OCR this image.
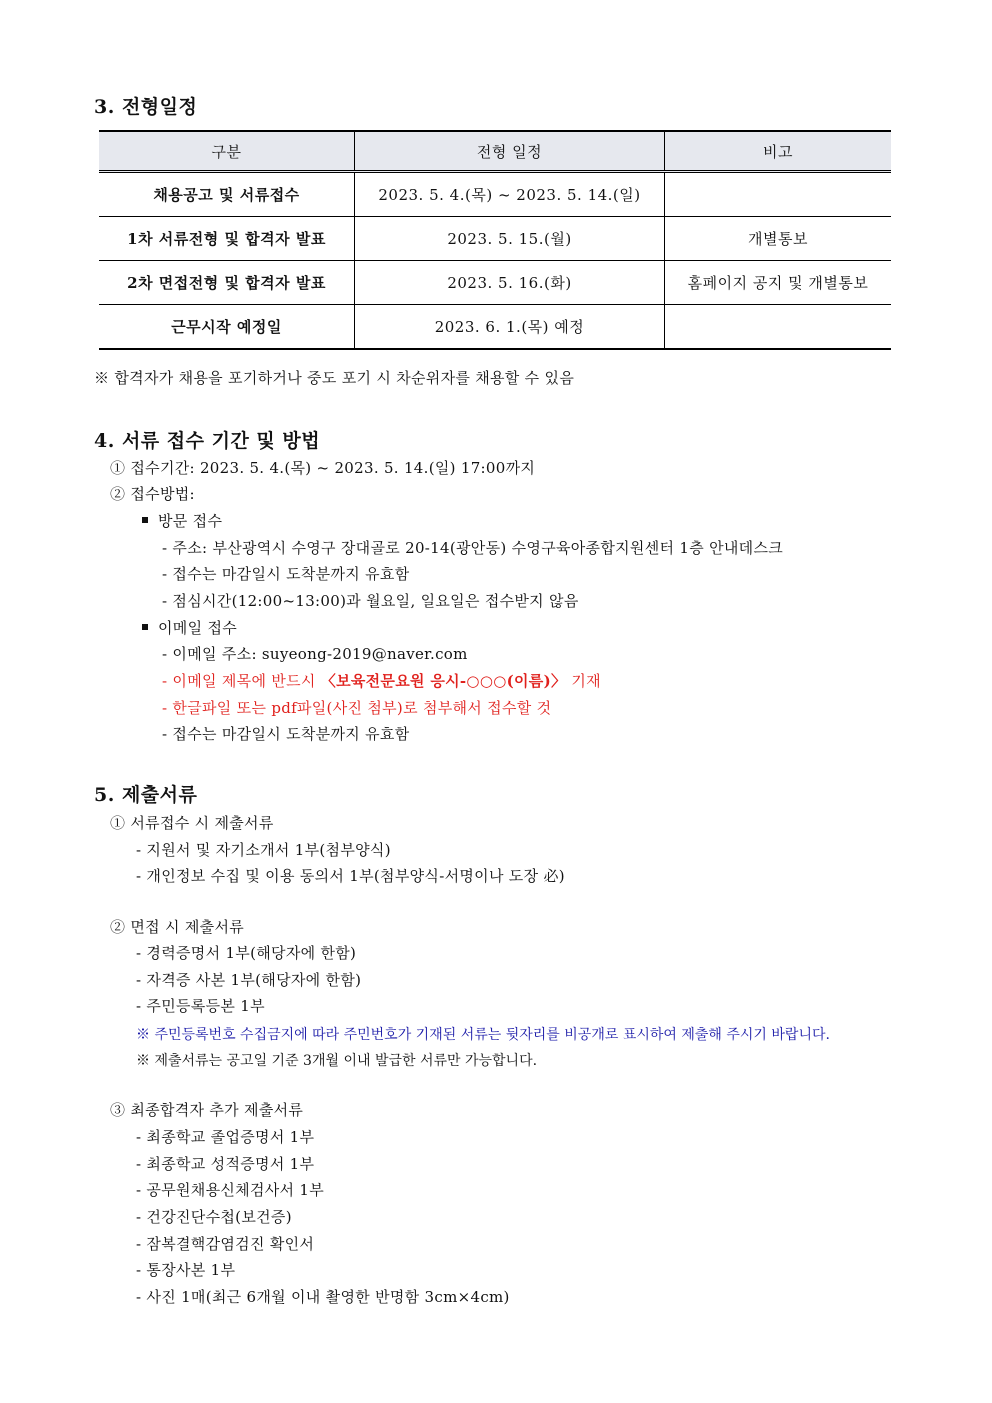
3. 전형일정
구분	전형 일정	비고
채용공고 및 서류접수	2023. 5. 4.(목) ~ 2023. 5. 14.(일)	
1차 서류전형 및 합격자 발표	2023. 5. 15.(월)	개별통보
2차 면접전형 및 합격자 발표	2023. 5. 16.(화)	홈페이지 공지 및 개별통보
근무시작 예정일	2023. 6. 1.(목) 예정	
※ 합격자가 채용을 포기하거나 중도 포기 시 차순위자를 채용할 수 있음
4. 서류 접수 기간 및 방법
① 접수기간: 2023. 5. 4.(목) ~ 2023. 5. 14.(일) 17:00까지
② 접수방법:
방문 접수
- 주소: 부산광역시 수영구 장대골로 20-14(광안동) 수영구육아종합지원센터 1층 안내데스크
- 접수는 마감일시 도착분까지 유효함
- 점심시간(12:00~13:00)과 월요일, 일요일은 접수받지 않음
이메일 접수
- 이메일 주소: suyeong-2019@naver.com
- 이메일 제목에 반드시 〈보육전문요원 응시-○○○(이름)〉 기재
- 한글파일 또는 pdf파일(사진 첨부)로 첨부해서 접수할 것
- 접수는 마감일시 도착분까지 유효함
5. 제출서류
① 서류접수 시 제출서류
- 지원서 및 자기소개서 1부(첨부양식)
- 개인정보 수집 및 이용 동의서 1부(첨부양식-서명이나 도장 必)
② 면접 시 제출서류
- 경력증명서 1부(해당자에 한함)
- 자격증 사본 1부(해당자에 한함)
- 주민등록등본 1부
※ 주민등록번호 수집금지에 따라 주민번호가 기재된 서류는 뒷자리를 비공개로 표시하여 제출해 주시기 바랍니다.
※ 제출서류는 공고일 기준 3개월 이내 발급한 서류만 가능합니다.
③ 최종합격자 추가 제출서류
- 최종학교 졸업증명서 1부
- 최종학교 성적증명서 1부
- 공무원채용신체검사서 1부
- 건강진단수첩(보건증)
- 잠복결핵감염검진 확인서
- 통장사본 1부
- 사진 1매(최근 6개월 이내 촬영한 반명함 3cm×4cm)
